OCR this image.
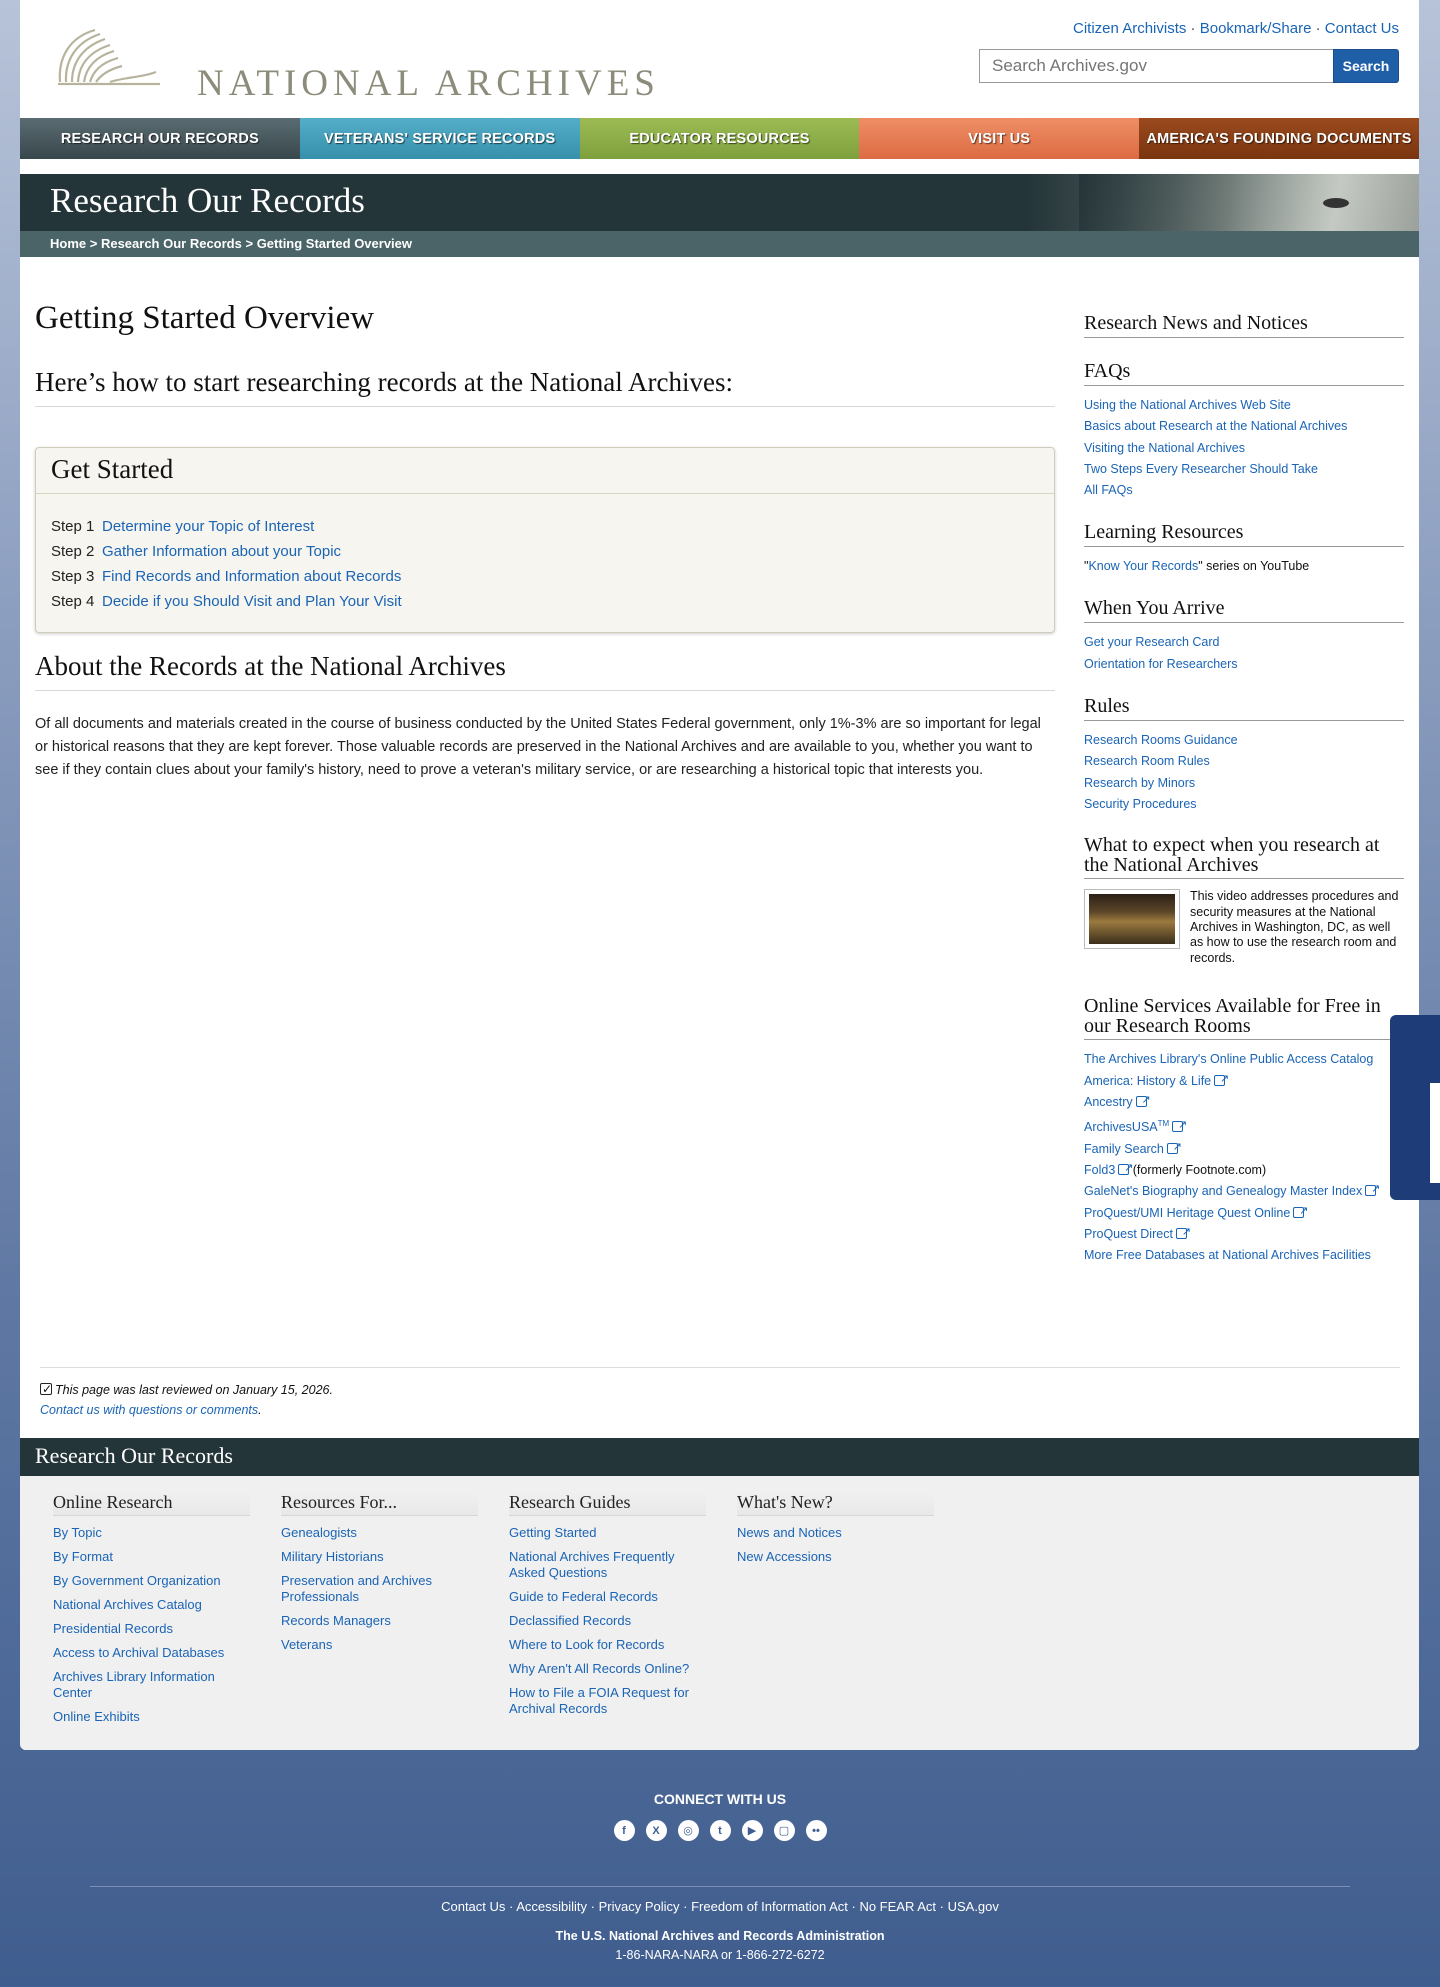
NATIONAL ARCHIVES
Citizen Archivists · Bookmark/Share · Contact Us
Search Archives.gov
Search
RESEARCH OUR RECORDS	VETERANS' SERVICE RECORDS	EDUCATOR RESOURCES	VISIT US	AMERICA'S FOUNDING DOCUMENTS
Research Our Records
Home > Research Our Records > Getting Started Overview
Getting Started Overview
Here’s how to start researching records at the National Archives:
Get Started
Step 1 Determine your Topic of Interest
Step 2 Gather Information about your Topic
Step 3 Find Records and Information about Records
Step 4 Decide if you Should Visit and Plan Your Visit
About the Records at the National Archives

Of all documents and materials created in the course of business conducted by the United States Federal government, only 1%-3% are so important for legal or historical reasons that they are kept forever. Those valuable records are preserved in the National Archives and are available to you, whether you want to see if they contain clues about your family's history, need to prove a veteran's military service, or are researching a historical topic that interests you.

Research News and Notices
FAQs
Using the National Archives Web Site
Basics about Research at the National Archives
Visiting the National Archives
Two Steps Every Researcher Should Take
All FAQs
Learning Resources
"Know Your Records" series on YouTube
When You Arrive
Get your Research Card
Orientation for Researchers
Rules
Research Rooms Guidance
Research Room Rules
Research by Minors
Security Procedures
What to expect when you research at the National Archives
This video addresses procedures and security measures at the National Archives in Washington, DC, as well as how to use the research room and records.
Online Services Available for Free in our Research Rooms
The Archives Library's Online Public Access Catalog
America: History & Life↗
Ancestry↗
ArchivesUSA™↗
Family Search↗
Fold3↗ (formerly Footnote.com)
GaleNet's Biography and Genealogy Master Index↗
ProQuest/UMI Heritage Quest Online↗
ProQuest Direct↗
More Free Databases at National Archives Facilities

✓This page was last reviewed on January 15, 2026.

Contact us with questions or comments.

Research Our Records
Online Research
By Topic
By Format
By Government Organization
National Archives Catalog
Presidential Records
Access to Archival Databases
Archives Library Information Center
Online Exhibits
Resources For...
Genealogists
Military Historians
Preservation and Archives Professionals
Records Managers
Veterans
Research Guides
Getting Started
National Archives Frequently Asked Questions
Guide to Federal Records
Declassified Records
Where to Look for Records
Why Aren't All Records Online?
How to File a FOIA Request for Archival Records
What's New?
News and Notices
New Accessions
CONNECT WITH US
f	X	◎	t	▶	▢	••
Contact Us · Accessibility · Privacy Policy · Freedom of Information Act · No FEAR Act · USA.gov
The U.S. National Archives and Records Administration
1-86-NARA-NARA or 1-866-272-6272
